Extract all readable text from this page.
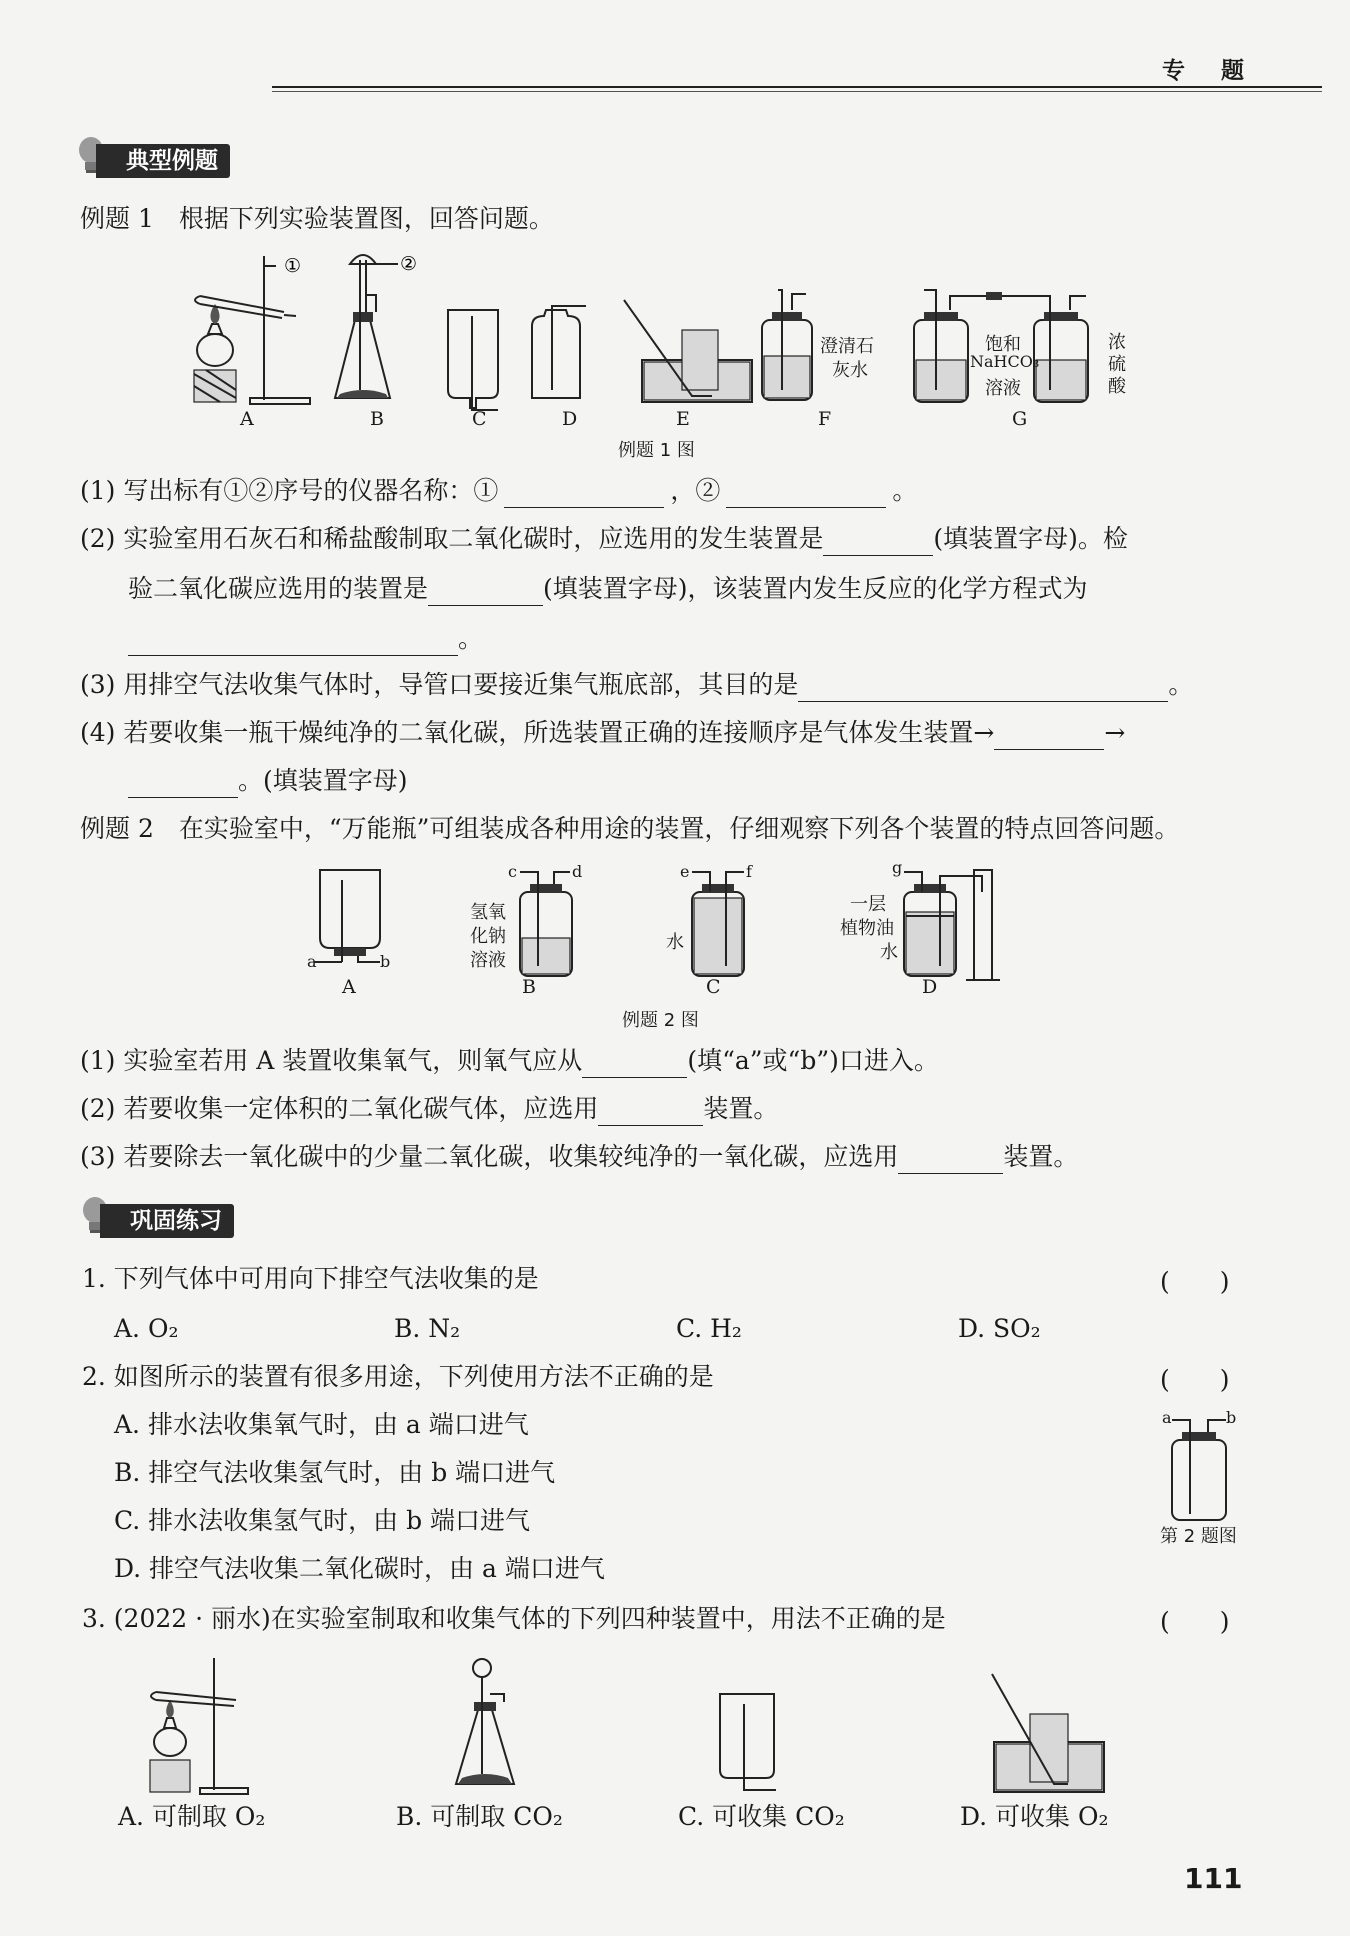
专 题
典型例题
例题 1　根据下列实验装置图，回答问题。
①	②
澄清石
灰水
饱和
NaHCO₃
溶液
浓
硫
酸
A	B	C	D	E	F	G
例题 1 图
(1) 写出标有①②序号的仪器名称：①	，②	。
(2) 实验室用石灰石和稀盐酸制取二氧化碳时，应选用的发生装置是	(填装置字母)。检
验二氧化碳应选用的装置是	(填装置字母)，该装置内发生反应的化学方程式为
。
(3) 用排空气法收集气体时，导管口要接近集气瓶底部，其目的是	。
(4) 若要收集一瓶干燥纯净的二氧化碳，所选装置正确的连接顺序是气体发生装置→	→
。(填装置字母)
例题 2　在实验室中，“万能瓶”可组装成各种用途的装置，仔细观察下列各个装置的特点回答问题。
a	b
c	d	e	f	g
氢氧
化钠
溶液
水
一层
植物油
水
A	B	C	D
例题 2 图
(1) 实验室若用 A 装置收集氧气，则氧气应从	(填“a”或“b”)口进入。
(2) 若要收集一定体积的二氧化碳气体，应选用	装置。
(3) 若要除去一氧化碳中的少量二氧化碳，收集较纯净的一氧化碳，应选用	装置。
巩固练习
1. 下列气体中可用向下排空气法收集的是	(　　)
A. O₂	B. N₂	C. H₂	D. SO₂
2. 如图所示的装置有很多用途，下列使用方法不正确的是	(　　)
A. 排水法收集氧气时，由 a 端口进气
B. 排空气法收集氢气时，由 b 端口进气
C. 排水法收集氢气时，由 b 端口进气
D. 排空气法收集二氧化碳时，由 a 端口进气
a	b
第 2 题图
3. (2022 · 丽水)在实验室制取和收集气体的下列四种装置中，用法不正确的是	(　　)
A. 可制取 O₂	B. 可制取 CO₂	C. 可收集 CO₂	D. 可收集 O₂
111
